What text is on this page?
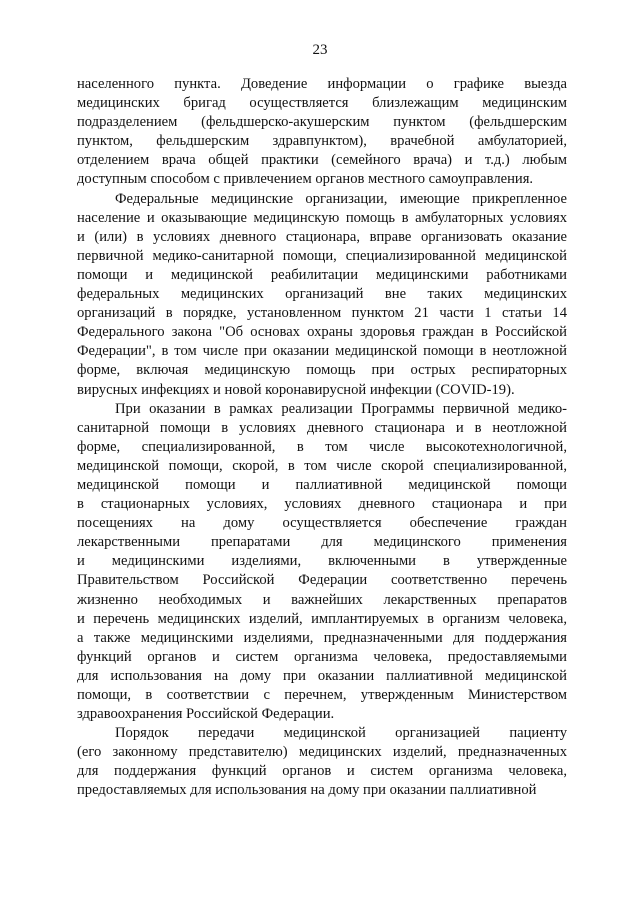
23
населенного пункта. Доведение информации о графике выезда
медицинских бригад осуществляется близлежащим медицинским
подразделением (фельдшерско-акушерским пунктом (фельдшерским
пунктом, фельдшерским здравпунктом), врачебной амбулаторией,
отделением врача общей практики (семейного врача) и т.д.) любым
доступным способом с привлечением органов местного самоуправления.
Федеральные медицинские организации, имеющие прикрепленное
население и оказывающие медицинскую помощь в амбулаторных условиях
и (или) в условиях дневного стационара, вправе организовать оказание
первичной медико-санитарной помощи, специализированной медицинской
помощи и медицинской реабилитации медицинскими работниками
федеральных медицинских организаций вне таких медицинских
организаций в порядке, установленном пунктом 21 части 1 статьи 14
Федерального закона "Об основах охраны здоровья граждан в Российской
Федерации", в том числе при оказании медицинской помощи в неотложной
форме, включая медицинскую помощь при острых респираторных
вирусных инфекциях и новой коронавирусной инфекции (COVID-19).
При оказании в рамках реализации Программы первичной медико-
санитарной помощи в условиях дневного стационара и в неотложной
форме, специализированной, в том числе высокотехнологичной,
медицинской помощи, скорой, в том числе скорой специализированной,
медицинской помощи и паллиативной медицинской помощи
в стационарных условиях, условиях дневного стационара и при
посещениях на дому осуществляется обеспечение граждан
лекарственными препаратами для медицинского применения
и медицинскими изделиями, включенными в утвержденные
Правительством Российской Федерации соответственно перечень
жизненно необходимых и важнейших лекарственных препаратов
и перечень медицинских изделий, имплантируемых в организм человека,
а также медицинскими изделиями, предназначенными для поддержания
функций органов и систем организма человека, предоставляемыми
для использования на дому при оказании паллиативной медицинской
помощи, в соответствии с перечнем, утвержденным Министерством
здравоохранения Российской Федерации.
Порядок передачи медицинской организацией пациенту
(его законному представителю) медицинских изделий, предназначенных
для поддержания функций органов и систем организма человека,
предоставляемых для использования на дому при оказании паллиативной
